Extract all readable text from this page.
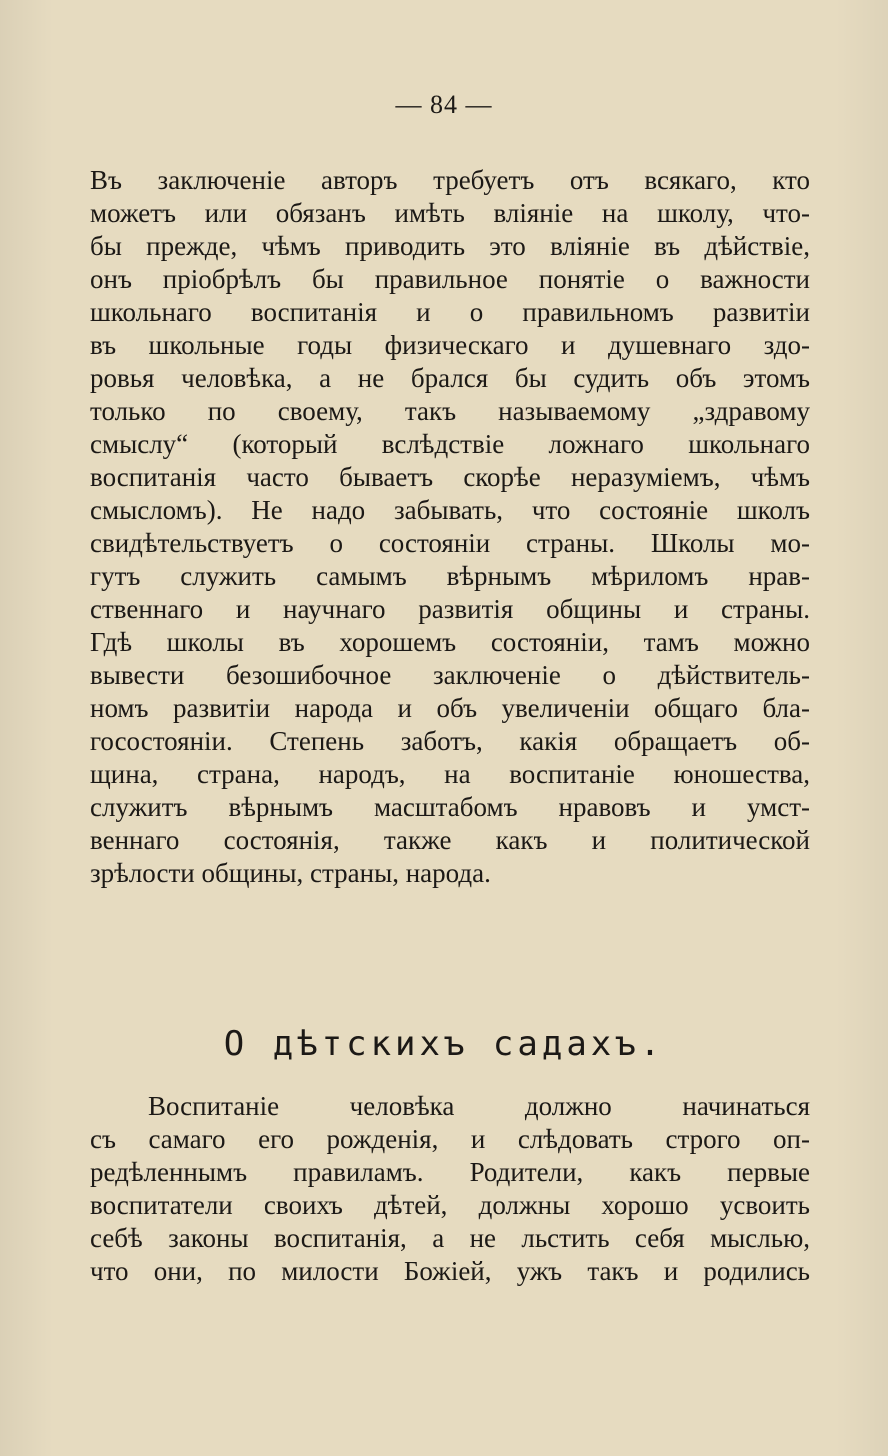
— 84 —
Въ заключенiе авторъ требуетъ отъ всякаго, кто
можетъ или обязанъ имѣть влiянiе на школу, что-
бы прежде, чѣмъ приводить это влiянiе въ дѣйствiе,
онъ прiобрѣлъ бы правильное понятiе о важности
школьнаго воспитанiя и о правильномъ развитiи
въ школьные годы физическаго и душевнаго здо-
ровья человѣка, а не брался бы судить объ этомъ
только по своему, такъ называемому „здравому
смыслу“ (который вслѣдствiе ложнаго школьнаго
воспитанiя часто бываетъ скорѣе неразумiемъ, чѣмъ
смысломъ). Не надо забывать, что состоянiе школъ
свидѣтельствуетъ о состоянiи страны. Школы мо-
гутъ служить самымъ вѣрнымъ мѣриломъ нрав-
ственнаго и научнаго развитiя общины и страны.
Гдѣ школы въ хорошемъ состоянiи, тамъ можно
вывести безошибочное заключенiе о дѣйствитель-
номъ развитiи народа и объ увеличенiи общаго бла-
госостоянiи. Степень заботъ, какiя обращаетъ об-
щина, страна, народъ, на воспитанiе юношества,
служитъ вѣрнымъ масштабомъ нравовъ и умст-
веннаго состоянiя, также какъ и политической
зрѣлости общины, страны, народа.
О дѣтскихъ садахъ.
Воспитанiе человѣка должно начинаться
съ самаго его рожденiя, и слѣдовать строго оп-
редѣленнымъ правиламъ. Родители, какъ первые
воспитатели своихъ дѣтей, должны хорошо усвоить
себѣ законы воспитанiя, а не льстить себя мыслью,
что они, по милости Божiей, ужъ такъ и родились
